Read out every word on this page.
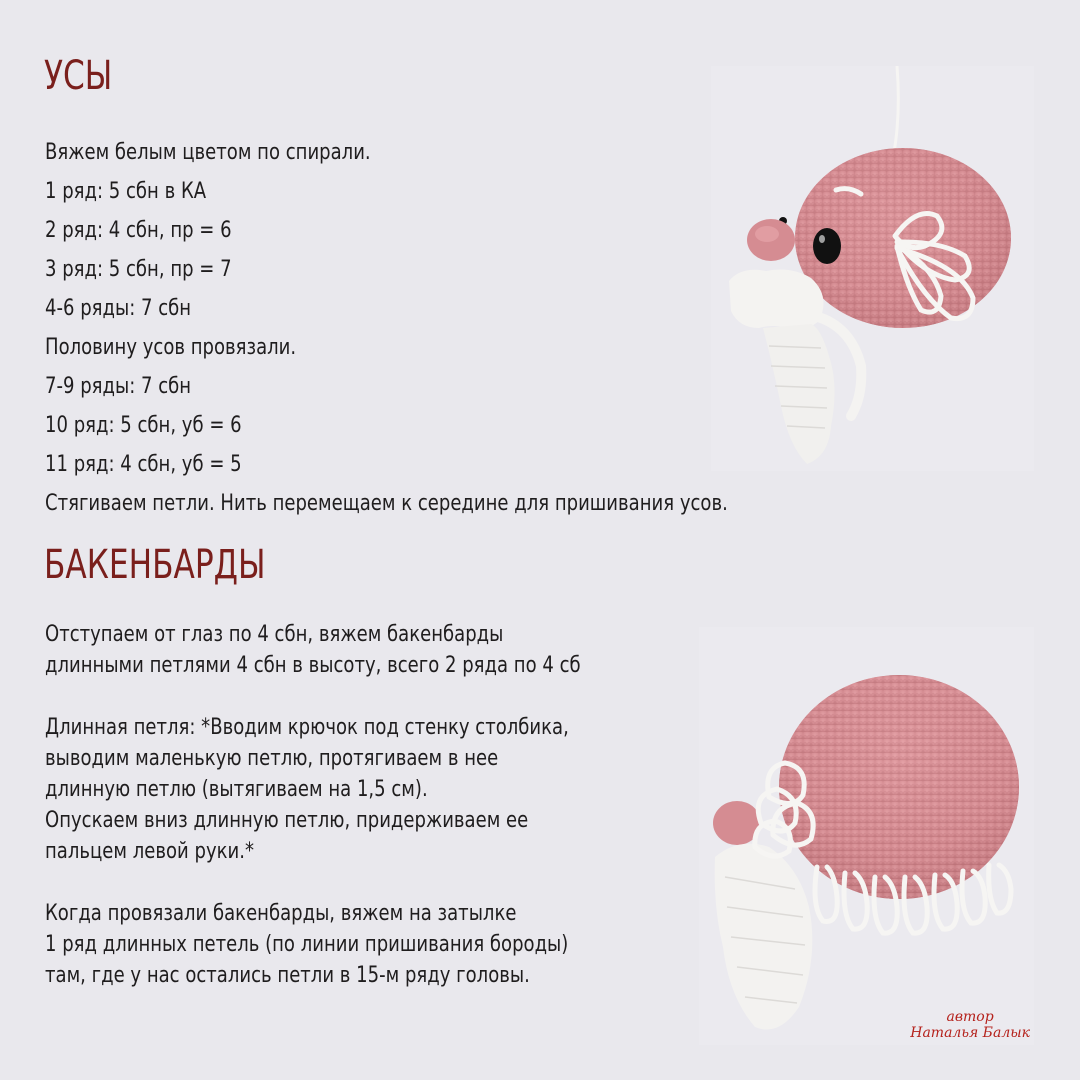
УСЫ
Вяжем белым цветом по спирали.
1 ряд: 5 сбн в КА
2 ряд: 4 сбн, пр = 6
3 ряд: 5 сбн, пр = 7
4-6 ряды: 7 сбн
Половину усов провязали.
7-9 ряды: 7 сбн
10 ряд: 5 сбн, уб = 6
11 ряд: 4 сбн, уб = 5
Стягиваем петли. Нить перемещаем к середине для пришивания усов.
БАКЕНБАРДЫ
Отступаем от глаз по 4 сбн, вяжем бакенбарды
длинными петлями 4 сбн в высоту, всего 2 ряда по 4 сб
Длинная петля: *Вводим крючок под стенку столбика,
выводим маленькую петлю, протягиваем в нее
длинную петлю (вытягиваем на 1,5 см).
Опускаем вниз длинную петлю, придерживаем ее
пальцем левой руки.*
Когда провязали бакенбарды, вяжем на затылке
1 ряд длинных петель (по линии пришивания бороды)
там, где у нас остались петли в 15-м ряду головы.
автор
Наталья Балык
